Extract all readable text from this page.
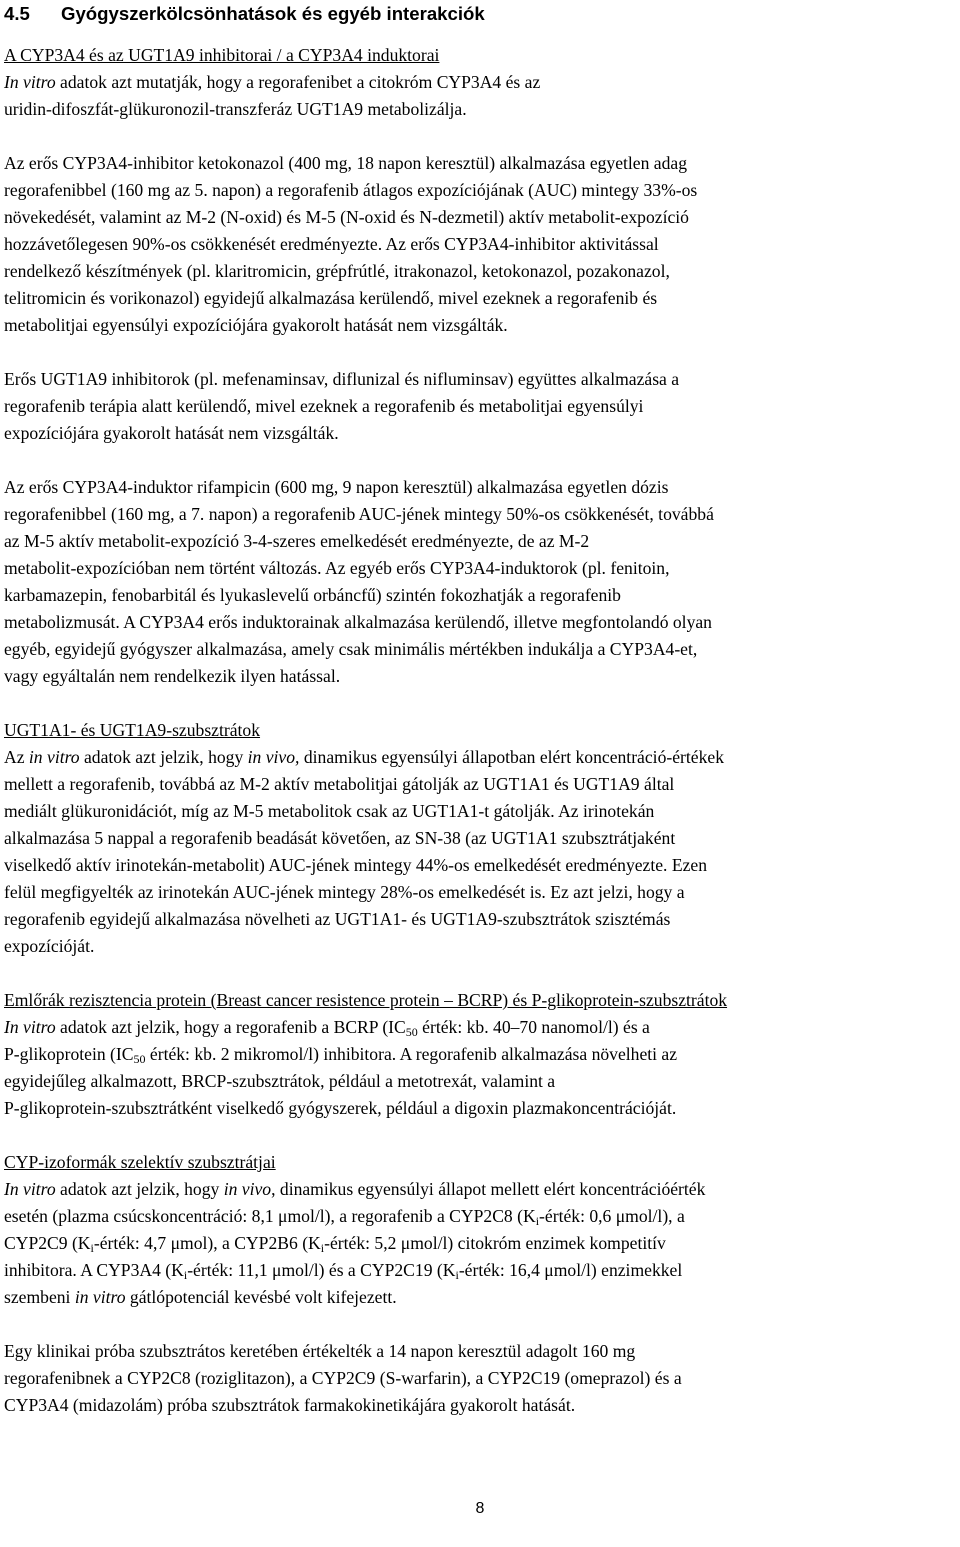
4.5 Gyógyszerkölcsönhatások és egyéb interakciók
A CYP3A4 és az UGT1A9 inhibitorai / a CYP3A4 induktorai

In vitro adatok azt mutatják, hogy a regorafenibet a citokróm CYP3A4 és az
uridin-difoszfát-glükuronozil-transzferáz UGT1A9 metabolizálja.

Az erős CYP3A4-inhibitor ketokonazol (400 mg, 18 napon keresztül) alkalmazása egyetlen adag
regorafenibbel (160 mg az 5. napon) a regorafenib átlagos expozíciójának (AUC) mintegy 33%-os
növekedését, valamint az M-2 (N-oxid) és M-5 (N-oxid és N-dezmetil) aktív metabolit-expozíció
hozzávetőlegesen 90%-os csökkenését eredményezte. Az erős CYP3A4-inhibitor aktivitással
rendelkező készítmények (pl. klaritromicin, grépfrútlé, itrakonazol, ketokonazol, pozakonazol,
telitromicin és vorikonazol) egyidejű alkalmazása kerülendő, mivel ezeknek a regorafenib és
metabolitjai egyensúlyi expozíciójára gyakorolt hatását nem vizsgálták.

Erős UGT1A9 inhibitorok (pl. mefenaminsav, diflunizal és nifluminsav) együttes alkalmazása a
regorafenib terápia alatt kerülendő, mivel ezeknek a regorafenib és metabolitjai egyensúlyi
expozíciójára gyakorolt hatását nem vizsgálták.

Az erős CYP3A4-induktor rifampicin (600 mg, 9 napon keresztül) alkalmazása egyetlen dózis
regorafenibbel (160 mg, a 7. napon) a regorafenib AUC-jének mintegy 50%-os csökkenését, továbbá
az M-5 aktív metabolit-expozíció 3-4-szeres emelkedését eredményezte, de az M-2
metabolit-expozícióban nem történt változás. Az egyéb erős CYP3A4-induktorok (pl. fenitoin,
karbamazepin, fenobarbitál és lyukaslevelű orbáncfű) szintén fokozhatják a regorafenib
metabolizmusát. A CYP3A4 erős induktorainak alkalmazása kerülendő, illetve megfontolandó olyan
egyéb, egyidejű gyógyszer alkalmazása, amely csak minimális mértékben indukálja a CYP3A4-et,
vagy egyáltalán nem rendelkezik ilyen hatással.

UGT1A1- és UGT1A9-szubsztrátok

Az in vitro adatok azt jelzik, hogy in vivo, dinamikus egyensúlyi állapotban elért koncentráció-értékek
mellett a regorafenib, továbbá az M-2 aktív metabolitjai gátolják az UGT1A1 és UGT1A9 által
mediált glükuronidációt, míg az M-5 metabolitok csak az UGT1A1-t gátolják. Az irinotekán
alkalmazása 5 nappal a regorafenib beadását követően, az SN-38 (az UGT1A1 szubsztrátjaként
viselkedő aktív irinotekán-metabolit) AUC-jének mintegy 44%-os emelkedését eredményezte. Ezen
felül megfigyelték az irinotekán AUC-jének mintegy 28%-os emelkedését is. Ez azt jelzi, hogy a
regorafenib egyidejű alkalmazása növelheti az UGT1A1- és UGT1A9-szubsztrátok szisztémás
expozícióját.

Emlőrák rezisztencia protein (Breast cancer resistence protein – BCRP) és P-glikoprotein-szubsztrátok

In vitro adatok azt jelzik, hogy a regorafenib a BCRP ($IC_{50}$ érték: kb. 40–70 nanomol/l) és a
P-glikoprotein ($IC_{50}$ érték: kb. 2 mikromol/l) inhibitora. A regorafenib alkalmazása növelheti az
egyidejűleg alkalmazott, BRCP-szubsztrátok, például a metotrexát, valamint a
P-glikoprotein-szubsztrátként viselkedő gyógyszerek, például a digoxin plazmakoncentrációját.

CYP-izoformák szelektív szubsztrátjai

In vitro adatok azt jelzik, hogy in vivo, dinamikus egyensúlyi állapot mellett elért koncentrációérték
esetén (plazma csúcskoncentráció: 8,1 μmol/l), a regorafenib a CYP2C8 ($K_i$-érték: 0,6 μmol/l), a
CYP2C9 ($K_i$-érték: 4,7 μmol), a CYP2B6 ($K_i$-érték: 5,2 μmol/l) citokróm enzimek kompetitív
inhibitora. A CYP3A4 ($K_i$-érték: 11,1 μmol/l) és a CYP2C19 ($K_i$-érték: 16,4 μmol/l) enzimekkel
szembeni in vitro gátlópotenciál kevésbé volt kifejezett.

Egy klinikai próba szubsztrátos keretében értékelték a 14 napon keresztül adagolt 160 mg
regorafenibnek a CYP2C8 (roziglitazon), a CYP2C9 (S-warfarin), a CYP2C19 (omeprazol) és a
CYP3A4 (midazolám) próba szubsztrátok farmakokinetikájára gyakorolt hatását.

8
